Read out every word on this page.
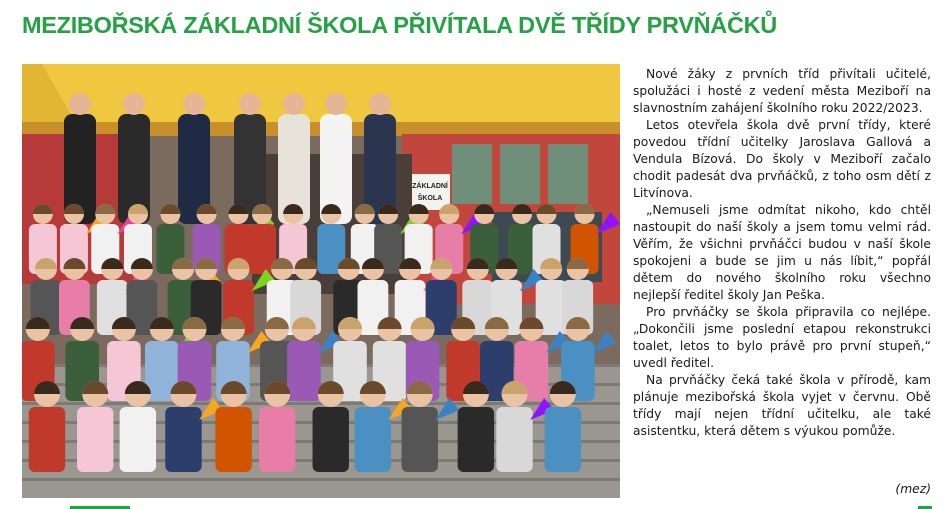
MEZIBOŘSKÁ ZÁKLADNÍ ŠKOLA PŘIVÍTALA DVĚ TŘÍDY PRVŇÁČKŮ
ZÁKLADNÍ
ŠKOLA

Nové žáky z prvních tříd přivítali učitelé, spolužáci i hosté z vedení města Meziboří na slavnostním zahájení školního roku 2022/2023.

Letos otevřela škola dvě první třídy, které povedou třídní učitelky Jaroslava Gallová a Vendula Bízová. Do školy v Meziboří začalo chodit padesát dva prvňáčků, z toho osm dětí z Litvínova.

„Nemuseli jsme odmítat nikoho, kdo chtěl nastoupit do naší školy a jsem tomu velmi rád. Věřím, že všichni prvňáčci budou v naší škole spokojeni a bude se jim u nás líbit,“ popřál dětem do nového školního roku všechno nejlepší ředitel školy Jan Peška.

Pro prvňáčky se škola připravila co nejlépe. „Dokončili jsme poslední etapou rekonstrukci toalet, letos to bylo právě pro první stupeň,“ uvedl ředitel.

Na prvňáčky čeká také škola v přírodě, kam plánuje mezibořská škola vyjet v červnu. Obě třídy mají nejen třídní učitelku, ale také asistentku, která dětem s výukou pomůže.

(mez)
